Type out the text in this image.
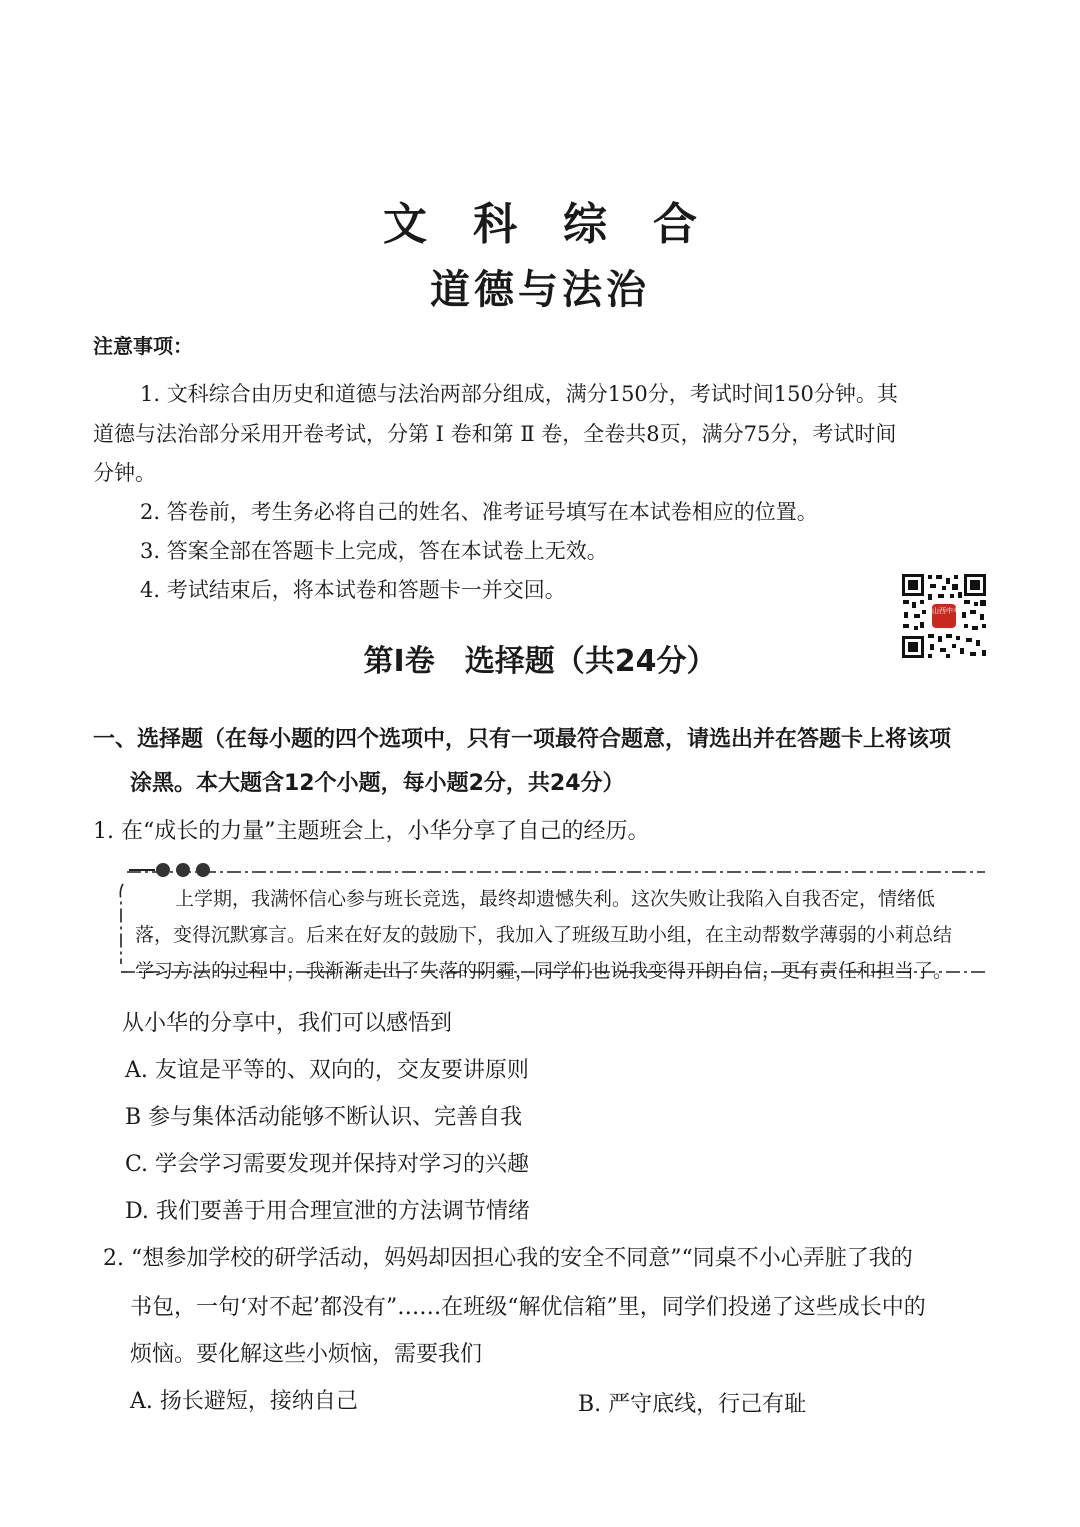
文科综合
道德与法治
注意事项：
1. 文科综合由历史和道德与法治两部分组成，满分150分，考试时间150分钟。其
道德与法治部分采用开卷考试，分第 Ⅰ 卷和第 Ⅱ 卷，全卷共8页，满分75分，考试时间
分钟。
2. 答卷前，考生务必将自己的姓名、准考证号填写在本试卷相应的位置。
3. 答案全部在答题卡上完成，答在本试卷上无效。
4. 考试结束后，将本试卷和答题卡一并交回。
山西中考
第Ⅰ卷　选择题（共24分）
一、选择题（在每小题的四个选项中，只有一项最符合题意，请选出并在答题卡上将该项
涂黑。本大题含12个小题，每小题2分，共24分）
1. 在“成长的力量”主题班会上，小华分享了自己的经历。
上学期，我满怀信心参与班长竞选，最终却遗憾失利。这次失败让我陷入自我否定，情绪低
落，变得沉默寡言。后来在好友的鼓励下，我加入了班级互助小组，在主动帮数学薄弱的小莉总结
学习方法的过程中，我渐渐走出了失落的阴霾，同学们也说我变得开朗自信，更有责任和担当了。
从小华的分享中，我们可以感悟到
A. 友谊是平等的、双向的，交友要讲原则
B 参与集体活动能够不断认识、完善自我
C. 学会学习需要发现并保持对学习的兴趣
D. 我们要善于用合理宣泄的方法调节情绪
2. “想参加学校的研学活动，妈妈却因担心我的安全不同意”“同桌不小心弄脏了我的
书包，一句‘对不起’都没有”……在班级“解优信箱”里，同学们投递了这些成长中的
烦恼。要化解这些小烦恼，需要我们
A. 扬长避短，接纳自己	B. 严守底线，行己有耻
